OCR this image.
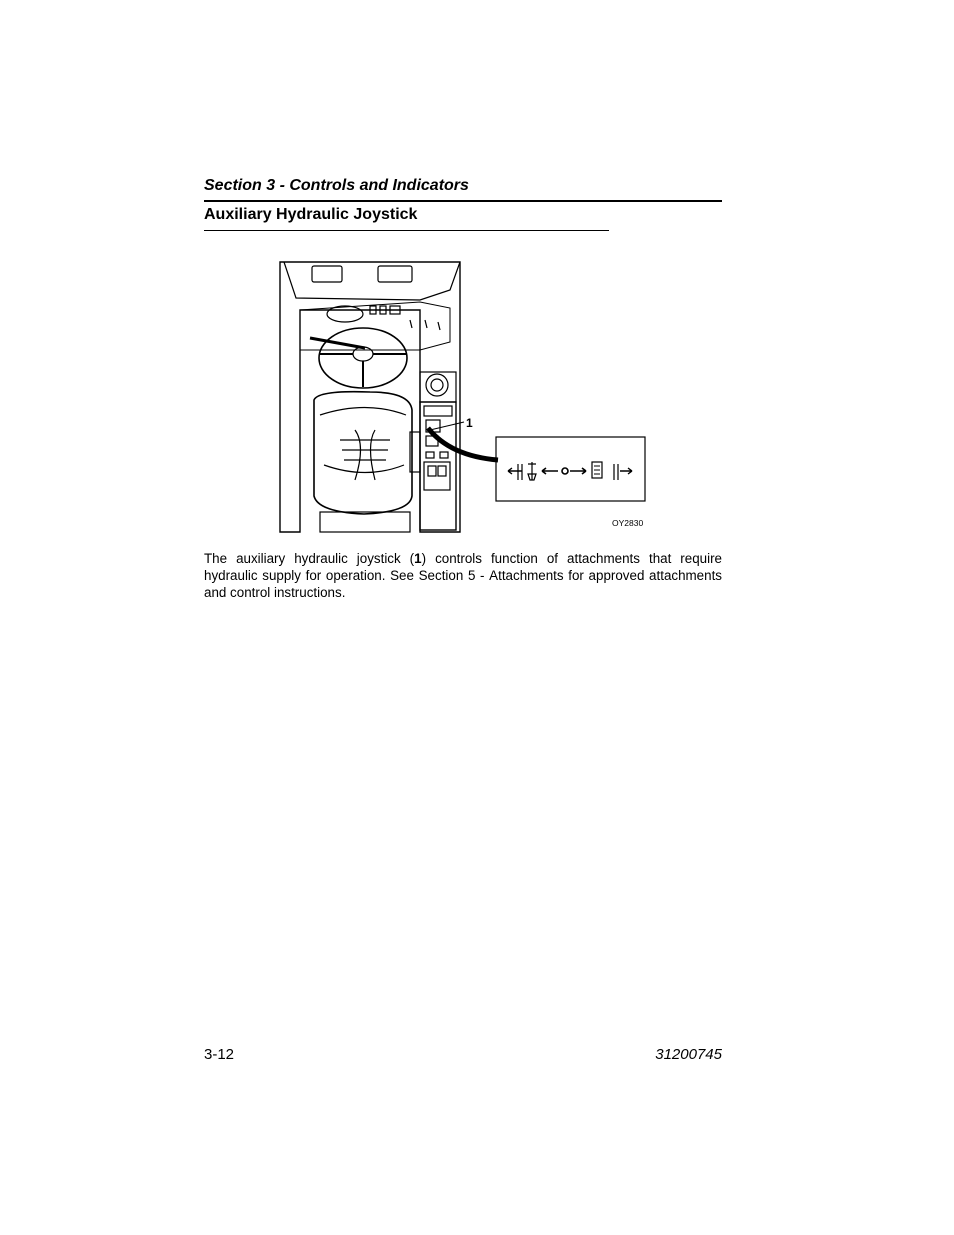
Section 3 - Controls and Indicators
Auxiliary Hydraulic Joystick
1
OY2830
The auxiliary hydraulic joystick (1) controls function of attachments that require hydraulic supply for operation. See Section 5 - Attachments for approved attachments and control instructions.
3-12	31200745
